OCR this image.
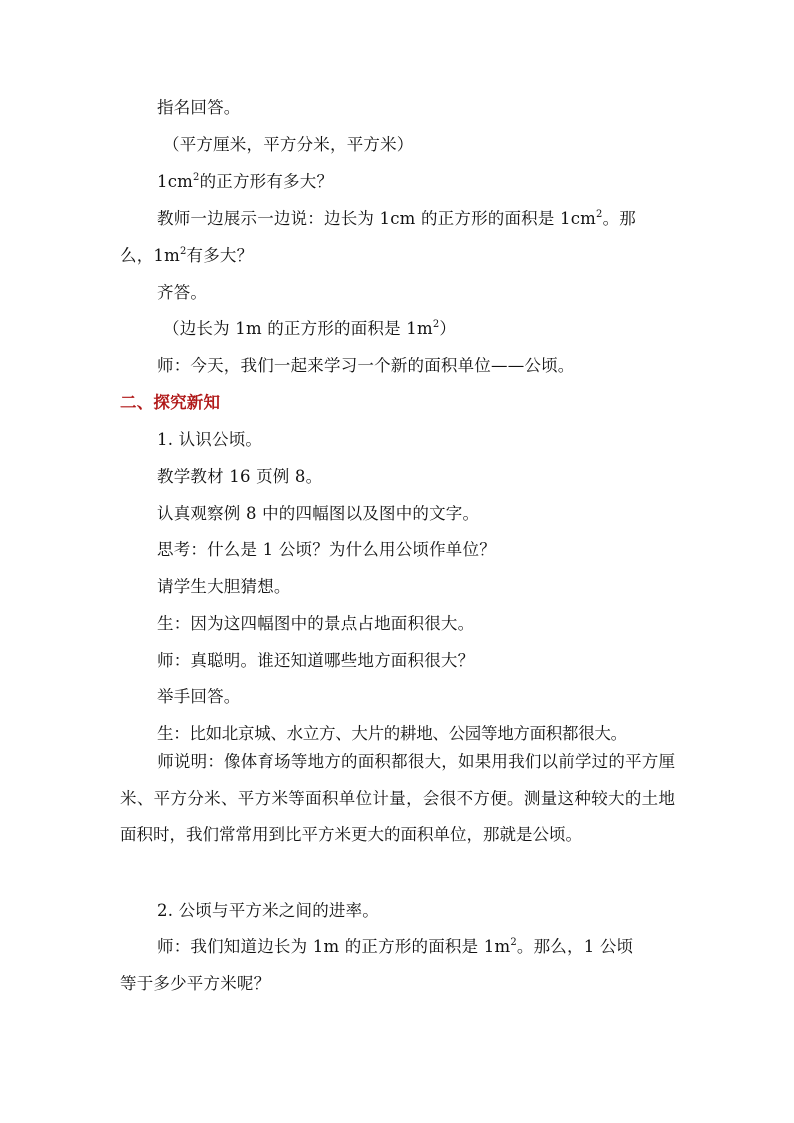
指名回答。
（平方厘米，平方分米，平方米）
$1cm^2$的正方形有多大？
教师一边展示一边说：边长为 1cm 的正方形的面积是 $1cm^2$。那
么，$1m^2$有多大？
齐答。
（边长为 1m 的正方形的面积是 $1m^2$）
师：今天，我们一起来学习一个新的面积单位——公顷。
二、探究新知
1. 认识公顷。
教学教材 16 页例 8。
认真观察例 8 中的四幅图以及图中的文字。
思考：什么是 1 公顷？为什么用公顷作单位？
请学生大胆猜想。
生：因为这四幅图中的景点占地面积很大。
师：真聪明。谁还知道哪些地方面积很大？
举手回答。
生：比如北京城、水立方、大片的耕地、公园等地方面积都很大。
师说明：像体育场等地方的面积都很大，如果用我们以前学过的平方厘米、平方分米、平方米等面积单位计量，会很不方便。测量这种较大的土地面积时，我们常常用到比平方米更大的面积单位，那就是公顷。
2. 公顷与平方米之间的进率。
师：我们知道边长为 1m 的正方形的面积是 $1m^2$。那么，1 公顷
等于多少平方米呢？
